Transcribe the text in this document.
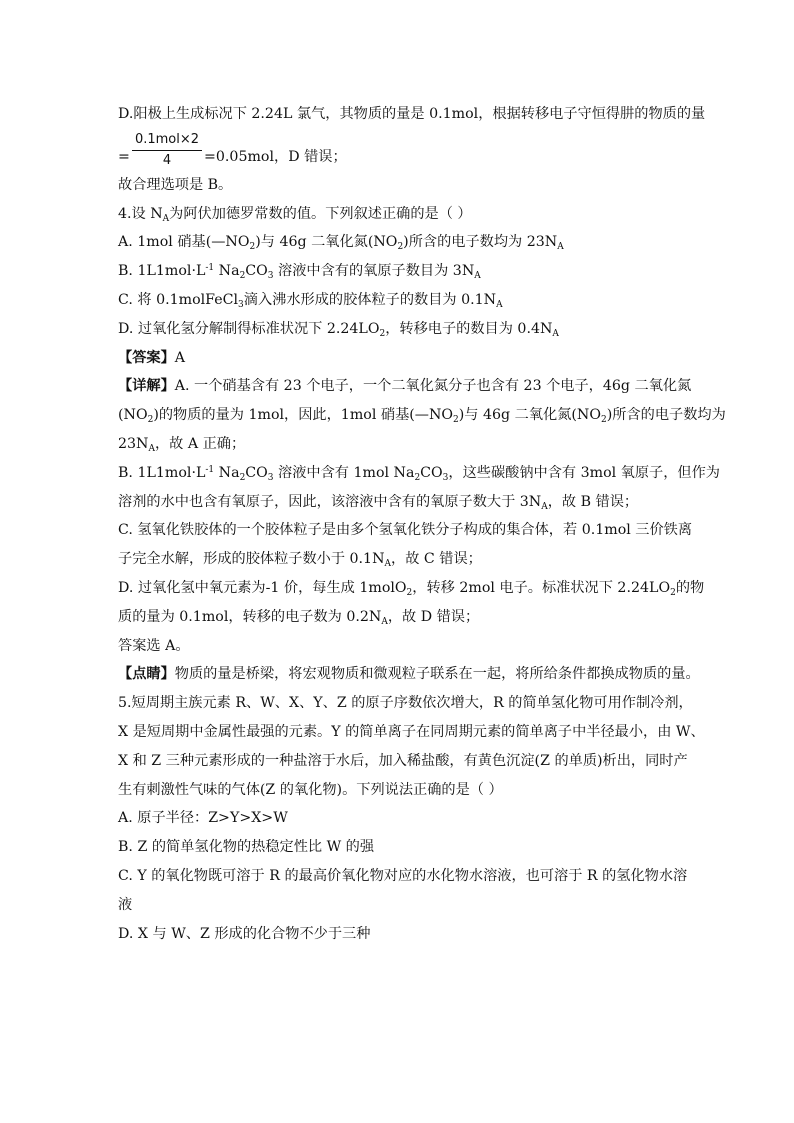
D.阳极上生成标况下 2.24L 氯气，其物质的量是 0.1mol，根据转移电子守恒得肼的物质的量
=
0.1mol×2
4	=0.05mol，D 错误；
故合理选项是 B。
4.设 $N_A$为阿伏加德罗常数的值。下列叙述正确的是（ ）
A. 1mol 硝基$(—NO_2)$与 46g 二氧化氮$(NO_2)$所含的电子数均为 $23N_A$
B. $1L1mol\cdot L^{-1}$ $Na_2CO_3$ 溶液中含有的氧原子数目为 $3N_A$
C. 将 0.1molFeCl$_3$滴入沸水形成的胶体粒子的数目为 $0.1N_A$
D. 过氧化氢分解制得标准状况下 $2.24LO_2$，转移电子的数目为 $0.4N_A$
【答案】A
【详解】A. 一个硝基含有 23 个电子，一个二氧化氮分子也含有 23 个电子，46g 二氧化氮
$(NO_2)$的物质的量为 1mol，因此，1mol 硝基$(—NO_2)$与 46g 二氧化氮$(NO_2)$所含的电子数均为
$23N_A$，故 A 正确；
B. $1L1mol\cdot L^{-1}$ $Na_2CO_3$ 溶液中含有 1mol $Na_2CO_3$，这些碳酸钠中含有 3mol 氧原子，但作为
溶剂的水中也含有氧原子，因此，该溶液中含有的氧原子数大于 $3N_A$，故 B 错误；
C. 氢氧化铁胶体的一个胶体粒子是由多个氢氧化铁分子构成的集合体，若 0.1mol 三价铁离
子完全水解，形成的胶体粒子数小于 $0.1N_A$，故 C 错误；
D. 过氧化氢中氧元素为-1 价，每生成 1molO$_2$，转移 2mol 电子。标准状况下 $2.24LO_2$的物
质的量为 0.1mol，转移的电子数为 $0.2N_A$，故 D 错误；
答案选 A。
【点睛】物质的量是桥梁，将宏观物质和微观粒子联系在一起，将所给条件都换成物质的量。
5.短周期主族元素 R、W、X、Y、Z 的原子序数依次增大，R 的简单氢化物可用作制冷剂，
X 是短周期中金属性最强的元素。Y 的简单离子在同周期元素的简单离子中半径最小，由 W、
X 和 Z 三种元素形成的一种盐溶于水后，加入稀盐酸，有黄色沉淀(Z 的单质)析出，同时产
生有刺激性气味的气体(Z 的氧化物)。下列说法正确的是（ ）
A. 原子半径：Z>Y>X>W
B. Z 的简单氢化物的热稳定性比 W 的强
C. Y 的氧化物既可溶于 R 的最高价氧化物对应的水化物水溶液，也可溶于 R 的氢化物水溶
液
D. X 与 W、Z 形成的化合物不少于三种
